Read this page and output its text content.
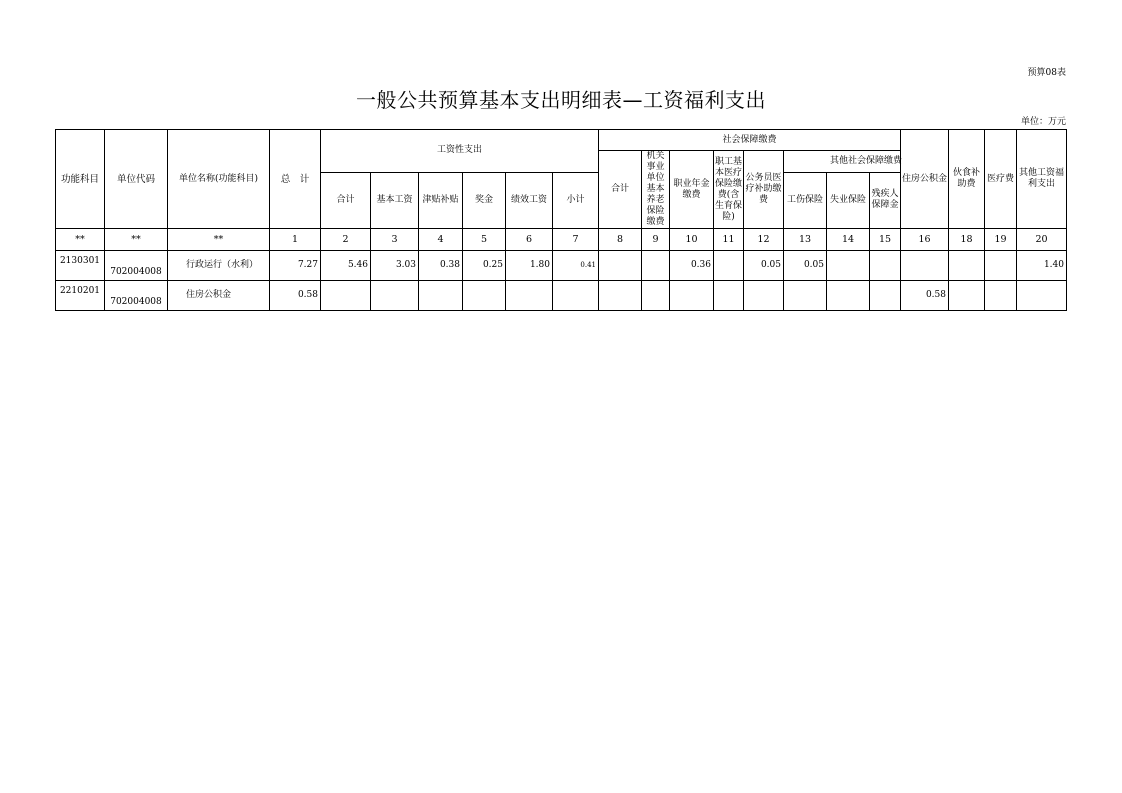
预算08表
一般公共预算基本支出明细表—工资福利支出
单位：万元
功能科目	单位代码	单位名称(功能科目)	总　计	工资性支出						社会保障缴费								住房公积金	伙食补助费	医疗费	其他工资福利支出
										合计	机关事业单位基本养老保险缴费	职业年金缴费	职工基本医疗保险缴费(含生育保险)	公务员医疗补助缴费	其他社会保障缴费						
				合计	基本工资	津贴补贴	奖金	绩效工资	小计						工伤保险	失业保险	残疾人保障金				
**	**	**	1	2	3	4	5	6	7	8	9	10	11	12	13	14	15	16	18	19	20
2130301	702004008	行政运行（水利）	7.27	5.46	3.03	0.38	0.25	1.80	0.41			0.36		0.05	0.05						1.40
2210201	702004008	住房公积金	0.58															0.58			
